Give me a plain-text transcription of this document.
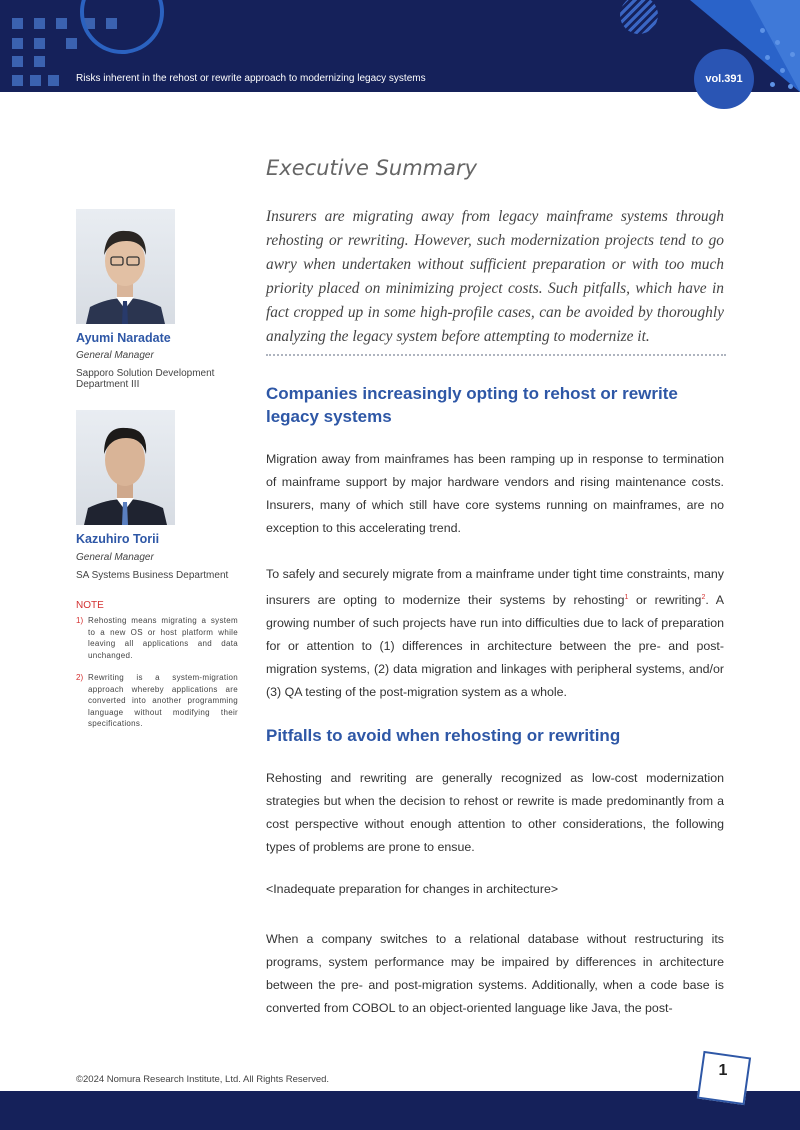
Risks inherent in the rehost or rewrite approach to modernizing legacy systems	vol.391
Ayumi Naradate
General Manager
Sapporo Solution Development Department III
Kazuhiro Torii
General Manager
SA Systems Business Department
NOTE
1) Rehosting means migrating a system to a new OS or host platform while leaving all applications and data unchanged.
2) Rewriting is a system-migration approach whereby applications are converted into another programming language without modifying their specifications.
Executive Summary

Insurers are migrating away from legacy mainframe systems through rehosting or rewriting. However, such modernization projects tend to go awry when undertaken without sufficient preparation or with too much priority placed on minimizing project costs. Such pitfalls, which have in fact cropped up in some high-profile cases, can be avoided by thoroughly analyzing the legacy system before attempting to modernize it.

Companies increasingly opting to rehost or rewrite legacy systems

Migration away from mainframes has been ramping up in response to termination of mainframe support by major hardware vendors and rising maintenance costs. Insurers, many of which still have core systems running on mainframes, are no exception to this accelerating trend.

To safely and securely migrate from a mainframe under tight time constraints, many insurers are opting to modernize their systems by rehosting$^1$ or rewriting$^2$. A growing number of such projects have run into difficulties due to lack of preparation for or attention to (1) differences in architecture between the pre- and post-migration systems, (2) data migration and linkages with peripheral systems, and/or (3) QA testing of the post-migration system as a whole.

Pitfalls to avoid when rehosting or rewriting

Rehosting and rewriting are generally recognized as low-cost modernization strategies but when the decision to rehost or rewrite is made predominantly from a cost perspective without enough attention to other considerations, the following types of problems are prone to ensue.

<Inadequate preparation for changes in architecture>

When a company switches to a relational database without restructuring its programs, system performance may be impaired by differences in architecture between the pre- and post-migration systems. Additionally, when a code base is converted from COBOL to an object-oriented language like Java, the post-

©2024 Nomura Research Institute, Ltd. All Rights Reserved.
1
